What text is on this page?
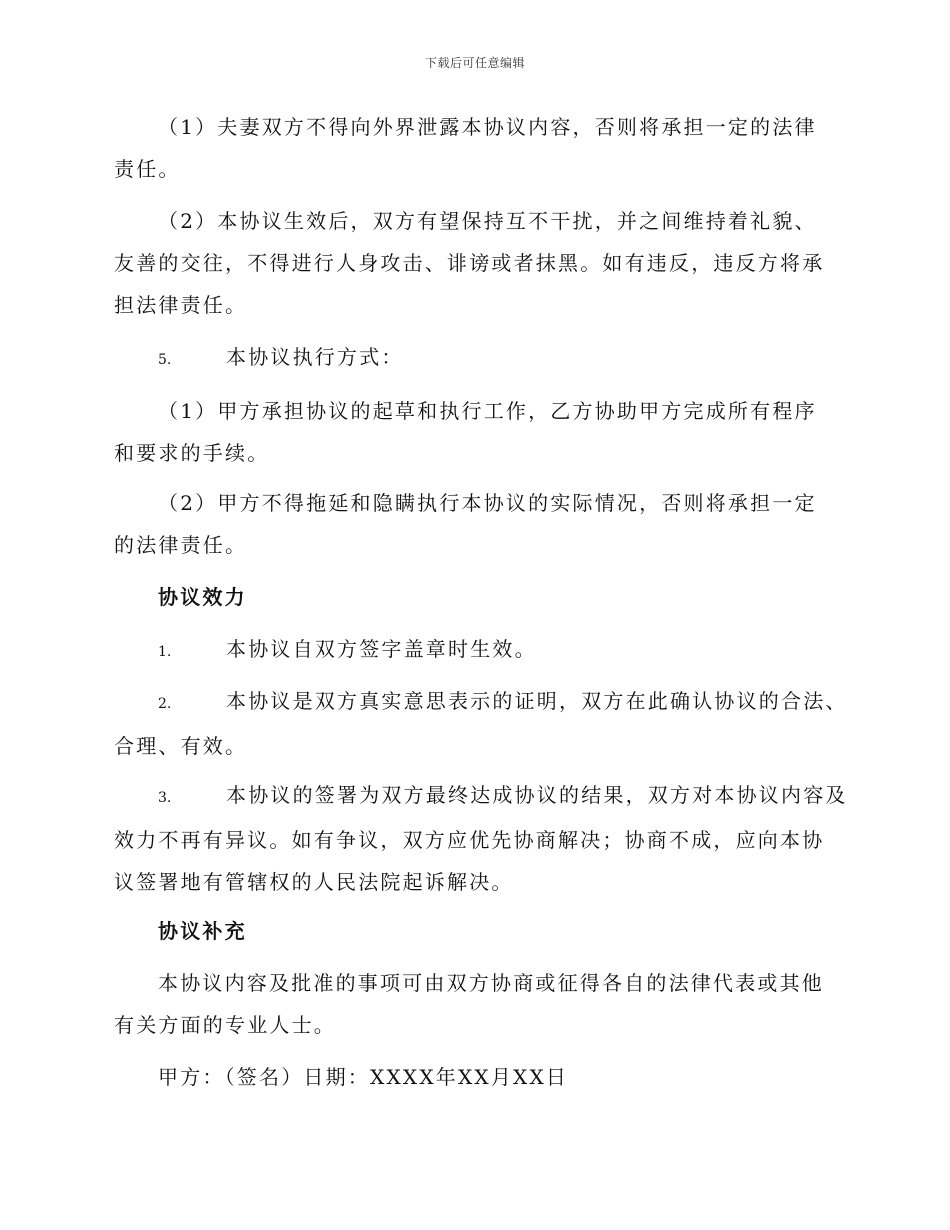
下载后可任意编辑
（1）夫妻双方不得向外界泄露本协议内容，否则将承担一定的法律责任。
（2）本协议生效后，双方有望保持互不干扰，并之间维持着礼貌、友善的交往，不得进行人身攻击、诽谤或者抹黑。如有违反，违反方将承担法律责任。
5.	本协议执行方式：
（1）甲方承担协议的起草和执行工作，乙方协助甲方完成所有程序和要求的手续。
（2）甲方不得拖延和隐瞒执行本协议的实际情况，否则将承担一定的法律责任。
协议效力
1.	本协议自双方签字盖章时生效。
2.	本协议是双方真实意思表示的证明，双方在此确认协议的合法、
合理、有效。
3.	本协议的签署为双方最终达成协议的结果，双方对本协议内容及
效力不再有异议。如有争议，双方应优先协商解决；协商不成，应向本协议签署地有管辖权的人民法院起诉解决。
协议补充
本协议内容及批准的事项可由双方协商或征得各自的法律代表或其他有关方面的专业人士。
甲方：（签名）日期：XXXX年XX月XX日
